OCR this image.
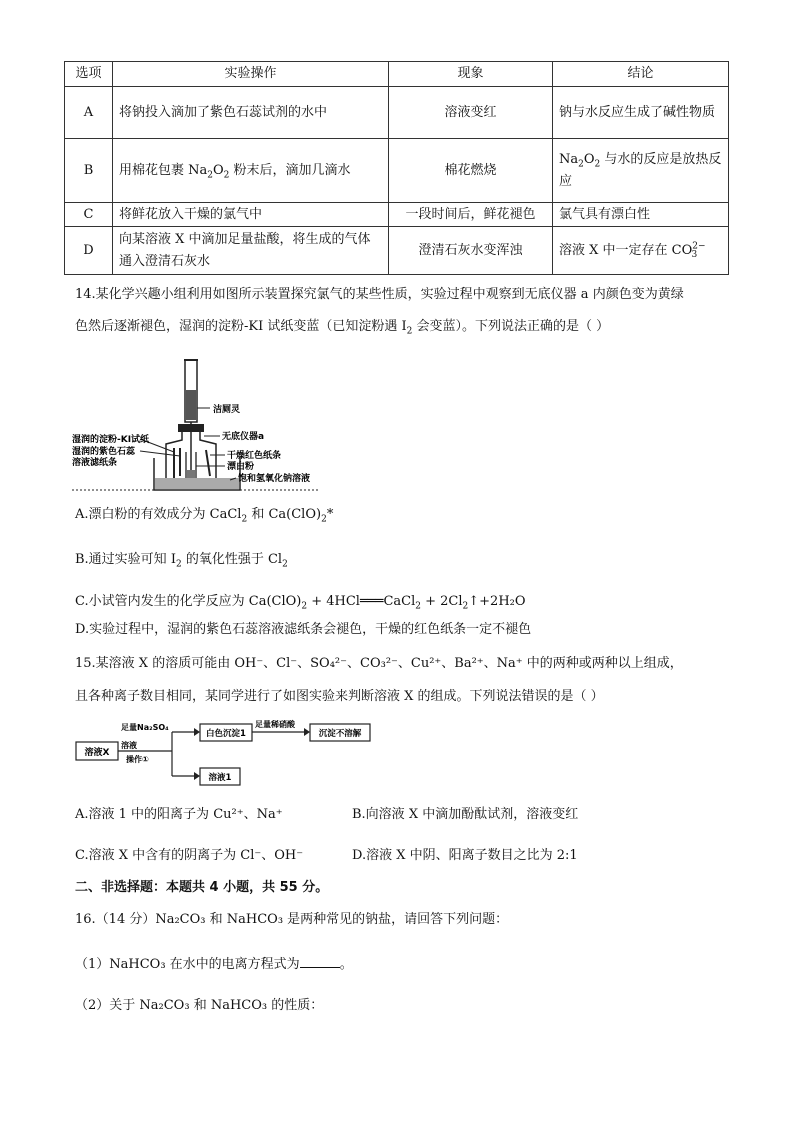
选项	实验操作	现象	结论
A	将钠投入滴加了紫色石蕊试剂的水中	溶液变红	钠与水反应生成了碱性物质
B	用棉花包裹 $Na_2O_2$ 粉末后，滴加几滴水	棉花燃烧	$Na_2O_2$ 与水的反应是放热反应
C	将鲜花放入干燥的氯气中	一段时间后，鲜花褪色	氯气具有漂白性
D	向某溶液 X 中滴加足量盐酸，将生成的气体通入澄清石灰水	澄清石灰水变浑浊	溶液 X 中一定存在 $CO^{2-}_3$
14.某化学兴趣小组利用如图所示装置探究氯气的某些性质，实验过程中观察到无底仪器 a 内颜色变为黄绿
色然后逐渐褪色，湿润的淀粉-KI 试纸变蓝（已知淀粉遇 $I_2$ 会变蓝）。下列说法正确的是（ ）
洁厕灵
无底仪器a
湿润的淀粉-KI试纸
湿润的紫色石蕊
溶液滤纸条
干燥红色纸条
漂白粉
饱和氢氧化钠溶液
A.漂白粉的有效成分为 CaCl$_2$ 和 $Ca(ClO)_2*$
B.通过实验可知 $I_2$ 的氧化性强于 $Cl_2$
C.小试管内发生的化学反应为 $Ca(ClO)_2$ + 4HCl═══CaCl$_2$ + $2Cl_2↑+2H_2O$
D.实验过程中，湿润的紫色石蕊溶液滤纸条会褪色，干燥的红色纸条一定不褪色
15.某溶液 X 的溶质可能由 OH⁻、Cl⁻、SO₄²⁻、CO₃²⁻、Cu²⁺、Ba²⁺、Na⁺ 中的两种或两种以上组成，
且各种离子数目相同，某同学进行了如图实验来判断溶液 X 的组成。下列说法错误的是（ ）
溶液X
足量Na₂SO₄
溶液
操作①
白色沉淀1
足量稀硝酸
沉淀不溶解
溶液1
A.溶液 1 中的阳离子为 Cu²⁺、Na⁺	B.向溶液 X 中滴加酚酞试剂，溶液变红
C.溶液 X 中含有的阴离子为 Cl⁻、OH⁻	D.溶液 X 中阴、阳离子数目之比为 2:1
二、非选择题：本题共 4 小题，共 55 分。
16.（14 分）Na₂CO₃ 和 NaHCO₃ 是两种常见的钠盐，请回答下列问题：
（1）NaHCO₃ 在水中的电离方程式为	。
（2）关于 Na₂CO₃ 和 NaHCO₃ 的性质：
